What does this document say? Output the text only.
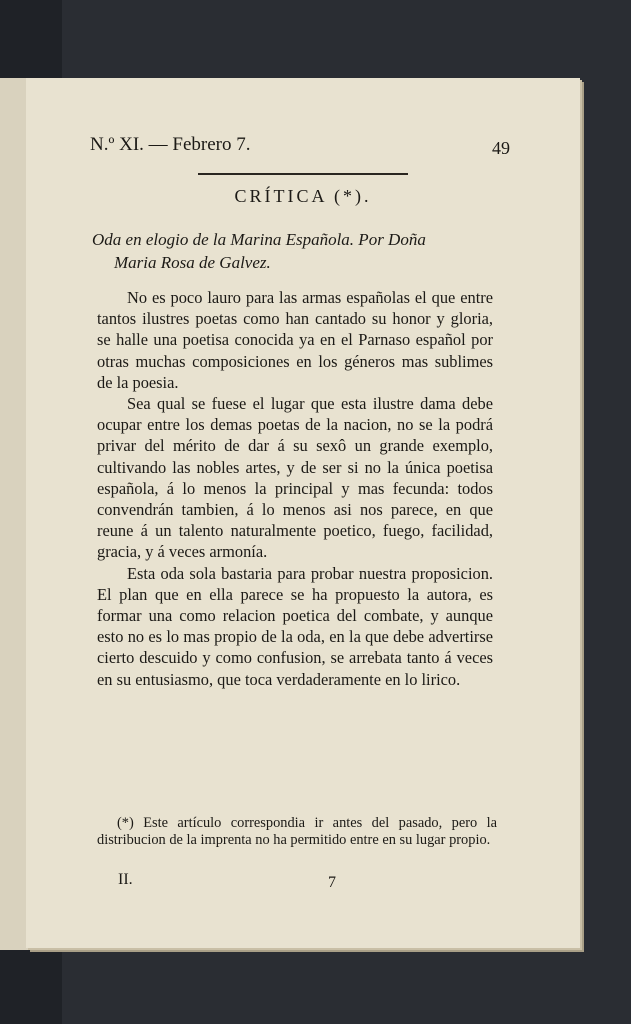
N.º XI. — Febrero 7.	49
CRÍTICA (*).
Oda en elogio de la Marina Española. Por Doña
Maria Rosa de Galvez.

No es poco lauro para las armas españolas el que entre tantos ilustres poetas como han cantado su honor y gloria, se halle una poetisa conocida ya en el Parnaso español por otras muchas composiciones en los géneros mas sublimes de la poesia.

Sea qual se fuese el lugar que esta ilustre dama debe ocupar entre los demas poetas de la nacion, no se la podrá privar del mérito de dar á su sexô un grande exemplo, cultivando las nobles artes, y de ser si no la única poetisa española, á lo menos la principal y mas fecunda: todos convendrán tambien, á lo menos asi nos parece, en que reune á un talento naturalmente poetico, fuego, facilidad, gracia, y á veces armonía.

Esta oda sola bastaria para probar nuestra proposicion. El plan que en ella parece se ha propuesto la autora, es formar una como relacion poetica del combate, y aunque esto no es lo mas propio de la oda, en la que debe advertirse cierto descuido y como confusion, se arrebata tanto á veces en su entusiasmo, que toca verdaderamente en lo lirico.

(*) Este artículo correspondia ir antes del pasado, pero la distribucion de la imprenta no ha permitido entre en su lugar propio.
II.	7
